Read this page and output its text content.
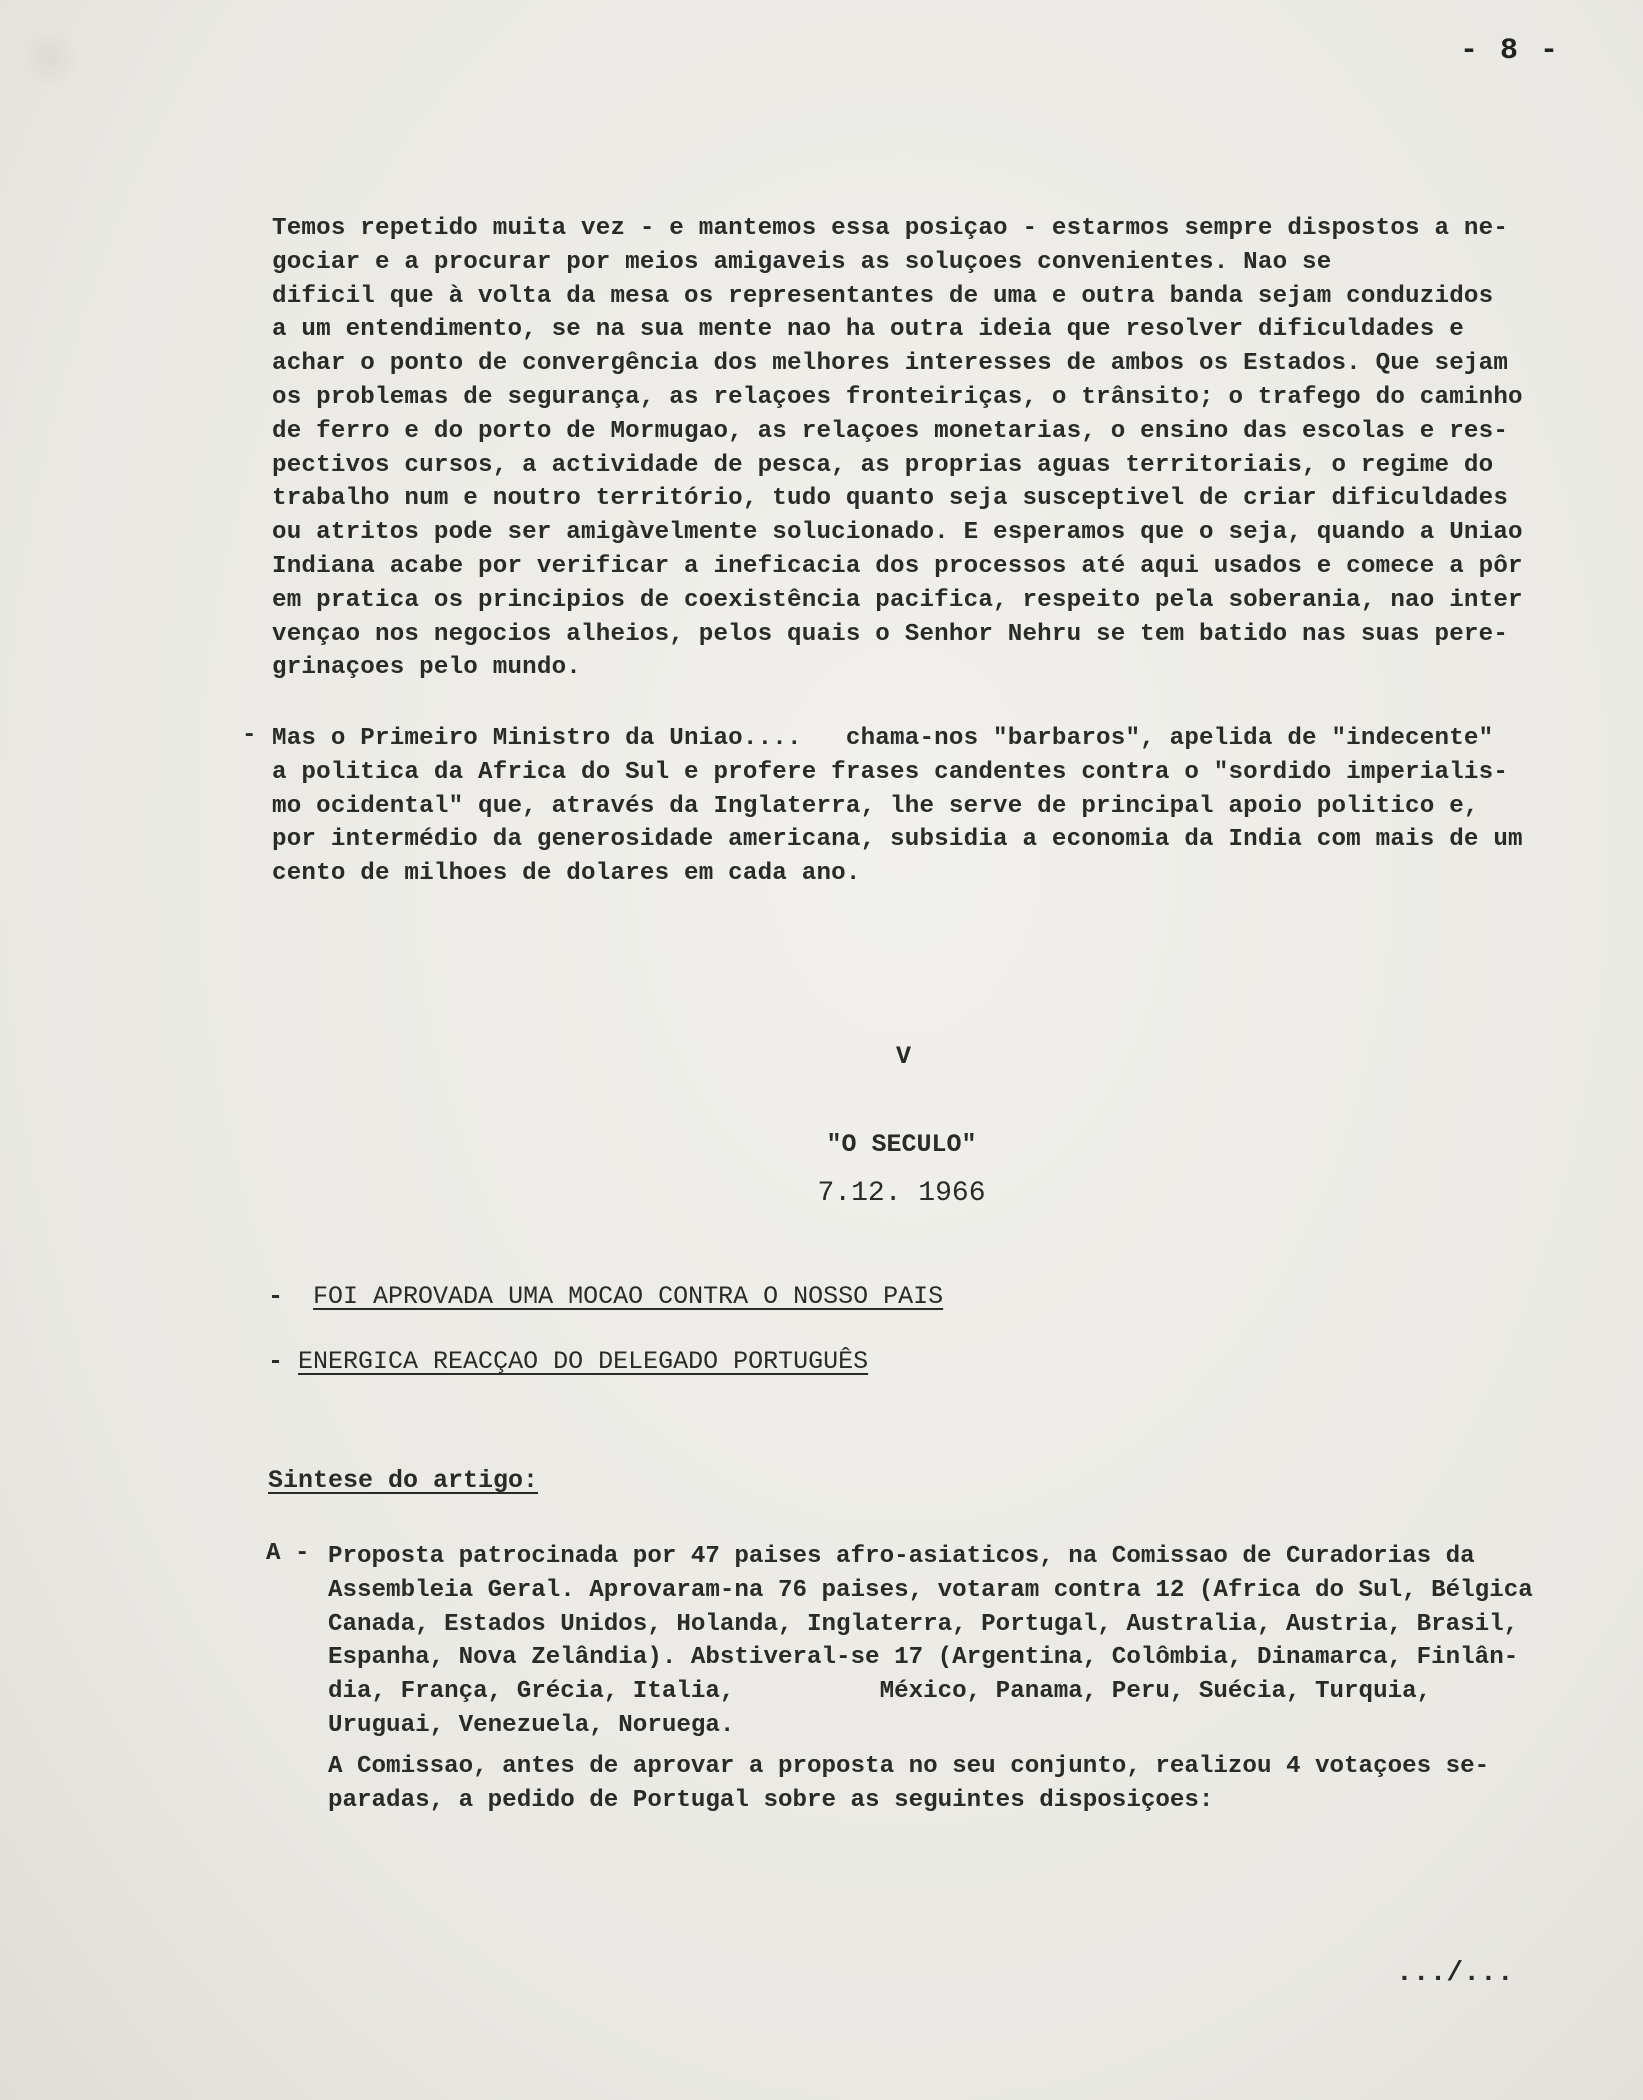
- 8 -
Temos repetido muita vez - e mantemos essa posiçao - estarmos sempre dispostos a ne-
gociar e a procurar por meios amigaveis as soluçoes convenientes. Nao se
dificil que à volta da mesa os representantes de uma e outra banda sejam conduzidos
a um entendimento, se na sua mente nao ha outra ideia que resolver dificuldades e
achar o ponto de convergência dos melhores interesses de ambos os Estados. Que sejam
os problemas de segurança, as relaçoes fronteiriças, o trânsito; o trafego do caminho
de ferro e do porto de Mormugao, as relaçoes monetarias, o ensino das escolas e res-
pectivos cursos, a actividade de pesca, as proprias aguas territoriais, o regime do
trabalho num e noutro território, tudo quanto seja susceptivel de criar dificuldades
ou atritos pode ser amigàvelmente solucionado. E esperamos que o seja, quando a Uniao
Indiana acabe por verificar a ineficacia dos processos até aqui usados e comece a pôr
em pratica os principios de coexistência pacifica, respeito pela soberania, nao inter
vençao nos negocios alheios, pelos quais o Senhor Nehru se tem batido nas suas pere-
grinaçoes pelo mundo.
- Mas o Primeiro Ministro da Uniao....   chama-nos "barbaros", apelida de "indecente"
a politica da Africa do Sul e profere frases candentes contra o "sordido imperialis-
mo ocidental" que, através da Inglaterra, lhe serve de principal apoio politico e,
por intermédio da generosidade americana, subsidia a economia da India com mais de um
cento de milhoes de dolares em cada ano.
V
"O SECULO"
7.12. 1966
- FOI APROVADA UMA MOCAO CONTRA O NOSSO PAIS
- ENERGICA REACÇAO DO DELEGADO PORTUGUÊS
Sintese do artigo:
A - Proposta patrocinada por 47 paises afro-asiaticos, na Comissao de Curadorias da
Assembleia Geral. Aprovaram-na 76 paises, votaram contra 12 (Africa do Sul, Bélgica
Canada, Estados Unidos, Holanda, Inglaterra, Portugal, Australia, Austria, Brasil,
Espanha, Nova Zelândia). Abstiveral-se 17 (Argentina, Colômbia, Dinamarca, Finlân-
dia, França, Grécia, Italia,          México, Panama, Peru, Suécia, Turquia,
Uruguai, Venezuela, Noruega.
A Comissao, antes de aprovar a proposta no seu conjunto, realizou 4 votaçoes se-
paradas, a pedido de Portugal sobre as seguintes disposiçoes:
.../...
